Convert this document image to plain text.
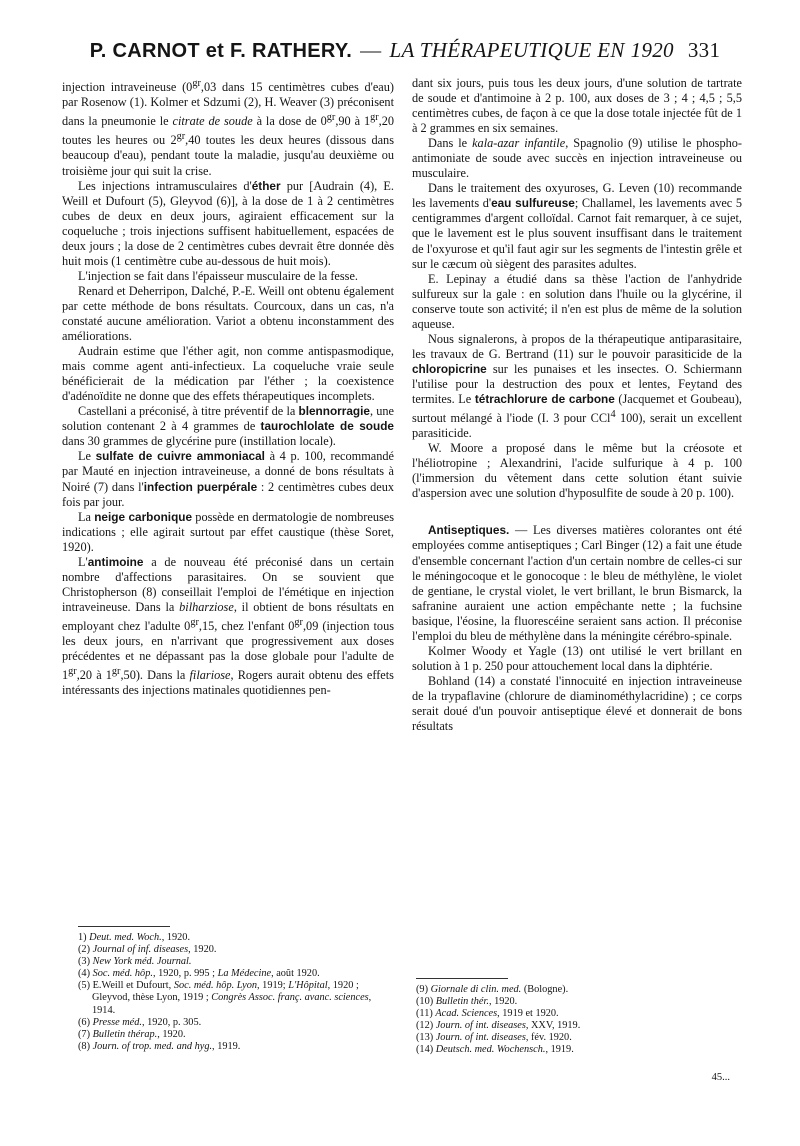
P. CARNOT et F. RATHERY. — LA THÉRAPEUTIQUE EN 1920 331

injection intraveineuse ($0^{gr},03$ dans 15 centimètres cubes d'eau) par Rosenow (1). Kolmer et Sdzumi (2), H. Weaver (3) préconisent dans la pneumonie le citrate de soude à la dose de $0^{gr},90$ à $1^{gr},20$ toutes les heures ou $2^{gr},40$ toutes les deux heures (dissous dans beaucoup d'eau), pendant toute la maladie, jusqu'au deuxième ou troisième jour qui suit la crise.

Les injections intramusculaires d'éther pur [Audrain (4), E. Weill et Dufourt (5), Gleyvod (6)], à la dose de 1 à 2 centimètres cubes de deux en deux jours, agiraient efficacement sur la coqueluche ; trois injections suffisent habituellement, espacées de deux jours ; la dose de 2 centimètres cubes devrait être donnée dès huit mois (1 centimètre cube au-dessous de huit mois).

L'injection se fait dans l'épaisseur musculaire de la fesse.

Renard et Deherripon, Dalché, P.-E. Weill ont obtenu également par cette méthode de bons résultats. Courcoux, dans un cas, n'a constaté aucune amélioration. Variot a obtenu inconstamment des améliorations.

Audrain estime que l'éther agit, non comme antispasmodique, mais comme agent anti-infectieux. La coqueluche vraie seule bénéficierait de la médication par l'éther ; la coexistence d'adénoïdite ne donne que des effets thérapeutiques incomplets.

Castellani a préconisé, à titre préventif de la blennorragie, une solution contenant 2 à 4 grammes de taurochlolate de soude dans 30 grammes de glycérine pure (instillation locale).

Le sulfate de cuivre ammoniacal à 4 p. 100, recommandé par Mauté en injection intraveineuse, a donné de bons résultats à Noiré (7) dans l'infection puerpérale : 2 centimètres cubes deux fois par jour.

La neige carbonique possède en dermatologie de nombreuses indications ; elle agirait surtout par effet caustique (thèse Soret, 1920).

L'antimoine a de nouveau été préconisé dans un certain nombre d'affections parasitaires. On se souvient que Christopherson (8) conseillait l'emploi de l'émétique en injection intraveineuse. Dans la bilharziose, il obtient de bons résultats en employant chez l'adulte $0^{gr},15$, chez l'enfant $0^{gr},09$ (injection tous les deux jours, en n'arrivant que progressivement aux doses précédentes et ne dépassant pas la dose globale pour l'adulte de $1^{gr},20$ à $1^{gr},50$). Dans la filariose, Rogers aurait obtenu des effets intéressants des injections matinales quotidiennes pen-

dant six jours, puis tous les deux jours, d'une solution de tartrate de soude et d'antimoine à 2 p. 100, aux doses de 3 ; 4 ; 4,5 ; 5,5 centimètres cubes, de façon à ce que la dose totale injectée fût de 1 à 2 grammes en six semaines.

Dans le kala-azar infantile, Spagnolio (9) utilise le phospho-antimoniate de soude avec succès en injection intraveineuse ou musculaire.

Dans le traitement des oxyuroses, G. Leven (10) recommande les lavements d'eau sulfureuse; Challamel, les lavements avec 5 centigrammes d'argent colloïdal. Carnot fait remarquer, à ce sujet, que le lavement est le plus souvent insuffisant dans le traitement de l'oxyurose et qu'il faut agir sur les segments de l'intestin grêle et sur le cæcum où siègent des parasites adultes.

E. Lepinay a étudié dans sa thèse l'action de l'anhydride sulfureux sur la gale : en solution dans l'huile ou la glycérine, il conserve toute son activité; il n'en est plus de même de la solution aqueuse.

Nous signalerons, à propos de la thérapeutique antiparasitaire, les travaux de G. Bertrand (11) sur le pouvoir parasiticide de la chloropicrine sur les punaises et les insectes. O. Schiermann l'utilise pour la destruction des poux et lentes, Feytand des termites. Le tétrachlorure de carbone (Jacquemet et Goubeau), surtout mélangé à l'iode (I. 3 pour CCl$^4$ 100), serait un excellent parasiticide.

W. Moore a proposé dans le même but la créosote et l'héliotropine ; Alexandrini, l'acide sulfurique à 4 p. 100 (l'immersion du vêtement dans cette solution étant suivie d'aspersion avec une solution d'hyposulfite de soude à 20 p. 100).

Antiseptiques. — Les diverses matières colorantes ont été employées comme antiseptiques ; Carl Binger (12) a fait une étude d'ensemble concernant l'action d'un certain nombre de celles-ci sur le méningocoque et le gonocoque : le bleu de méthylène, le violet de gentiane, le crystal violet, le vert brillant, le brun Bismarck, la safranine auraient une action empêchante nette ; la fuchsine basique, l'éosine, la fluorescéine seraient sans action. Il préconise l'emploi du bleu de méthylène dans la méningite cérébro-spinale.

Kolmer Woody et Yagle (13) ont utilisé le vert brillant en solution à 1 p. 250 pour attouchement local dans la diphtérie.

Bohland (14) a constaté l'innocuité en injection intraveineuse de la trypaflavine (chlorure de diaminométhylacridine) ; ce corps serait doué d'un pouvoir antiseptique élevé et donnerait de bons résultats

1) Deut. med. Woch., 1920.
(2) Journal of inf. diseases, 1920.
(3) New York méd. Journal.
(4) Soc. méd. hôp., 1920, p. 995 ; La Médecine, août 1920.
(5) E.Weill et Dufourt, Soc. méd. hôp. Lyon, 1919; L'Hôpital, 1920 ; Gleyvod, thèse Lyon, 1919 ; Congrès Assoc. franç. avanc. sciences, 1914.
(6) Presse méd., 1920, p. 305.
(7) Bulletin thérap., 1920.
(8) Journ. of trop. med. and hyg., 1919.
(9) Giornale di clin. med. (Bologne).
(10) Bulletin thér., 1920.
(11) Acad. Sciences, 1919 et 1920.
(12) Journ. of int. diseases, XXV, 1919.
(13) Journ. of int. diseases, fév. 1920.
(14) Deutsch. med. Wochensch., 1919.
45...
